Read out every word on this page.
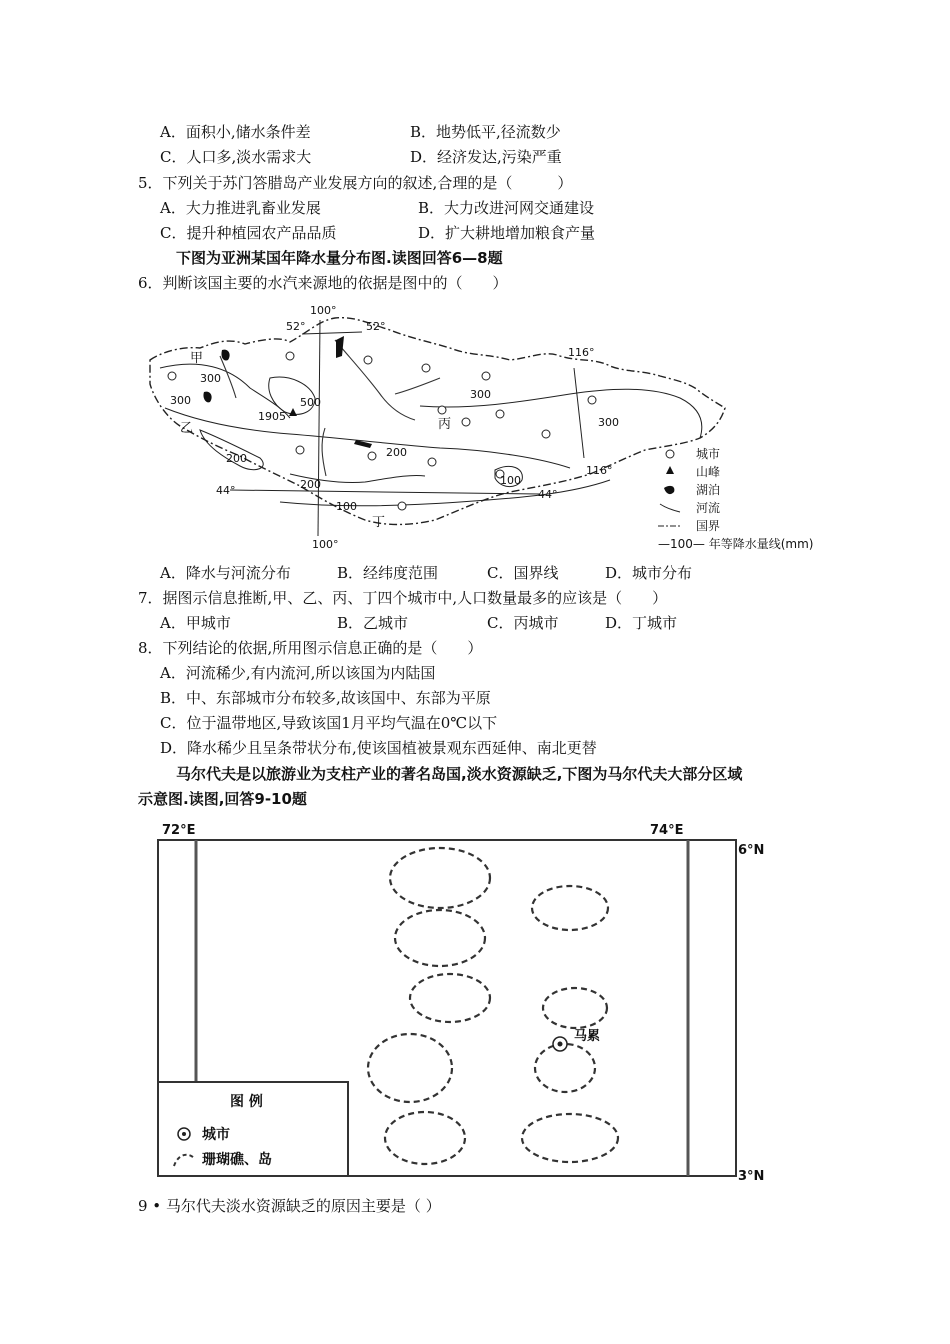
A．面积小,储水条件差	B．地势低平,径流数少
C．人口多,淡水需求大	D．经济发达,污染严重
5．下列关于苏门答腊岛产业发展方向的叙述,合理的是（　　　）
A．大力推进乳畜业发展	B．大力改进河网交通建设
C．提升种植园农产品品质	D．扩大耕地增加粮食产量
下图为亚洲某国年降水量分布图.读图回答6—8题
6．判断该国主要的水汽来源地的依据是图中的（　　）
100°
52°	52°
116°
116°
44°	44°
100°
1905
300
300
300
300
200	200
200
100
100
500
甲
乙	丙
丁
城市
山峰
湖泊
河流
国界
—100— 年等降水量线(mm)
A．降水与河流分布	B．经纬度范围	C．国界线	D．城市分布
7．据图示信息推断,甲、乙、丙、丁四个城市中,人口数量最多的应该是（　　）
A．甲城市	B．乙城市	C．丙城市	D．丁城市
8．下列结论的依据,所用图示信息正确的是（　　）
A．河流稀少,有内流河,所以该国为内陆国
B．中、东部城市分布较多,故该国中、东部为平原
C．位于温带地区,导致该国1月平均气温在0℃以下
D．降水稀少且呈条带状分布,使该国植被景观东西延伸、南北更替
马尔代夫是以旅游业为支柱产业的著名岛国,淡水资源缺乏,下图为马尔代夫大部分区域
示意图.读图,回答9-10题
72°E	74°E
6°N
3°N
马累
图 例
城市
珊瑚礁、岛
9 • 马尔代夫淡水资源缺乏的原因主要是（ ）
